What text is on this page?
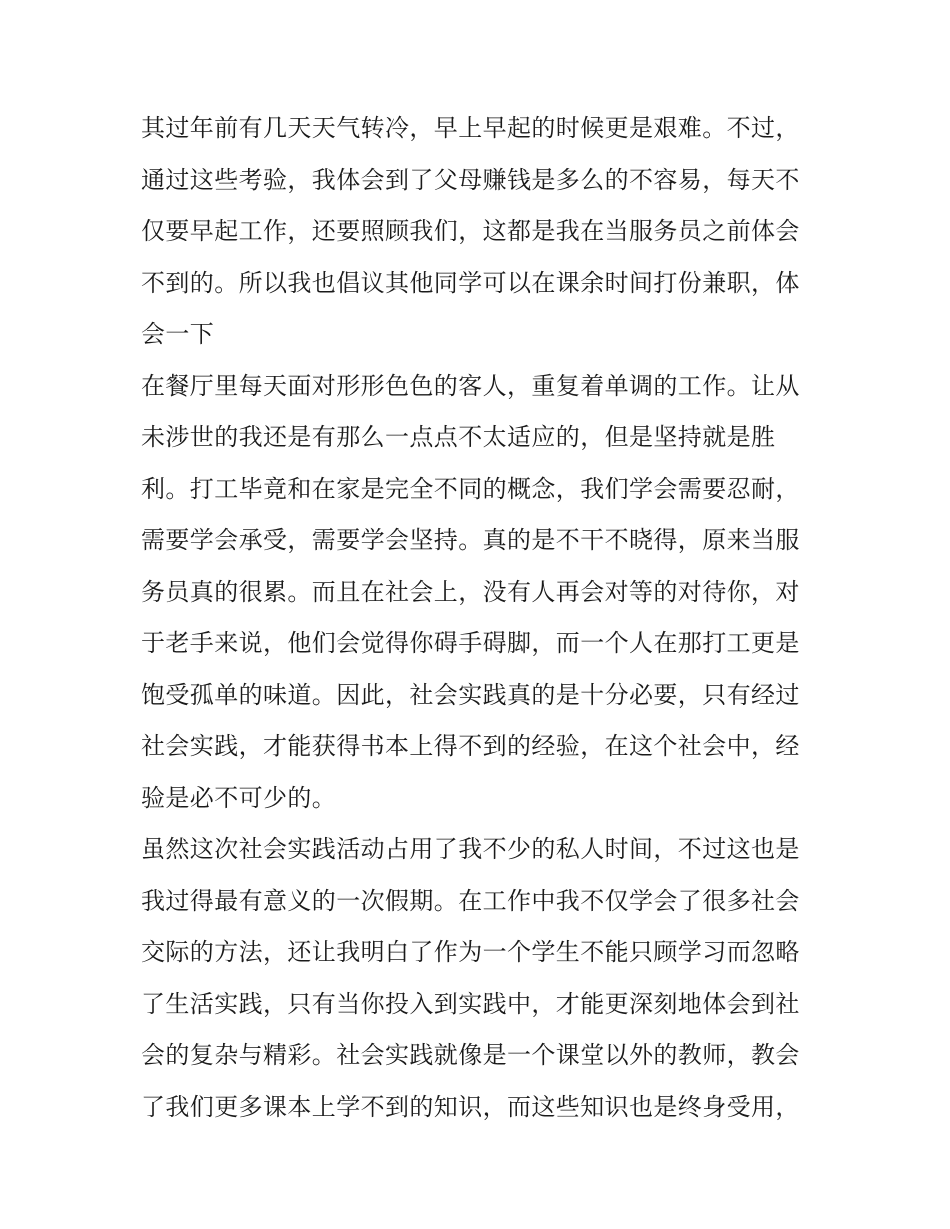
其过年前有几天天气转冷，早上早起的时候更是艰难。不过，
通过这些考验，我体会到了父母赚钱是多么的不容易，每天不
仅要早起工作，还要照顾我们，这都是我在当服务员之前体会
不到的。所以我也倡议其他同学可以在课余时间打份兼职，体
会一下
在餐厅里每天面对形形色色的客人，重复着单调的工作。让从
未涉世的我还是有那么一点点不太适应的，但是坚持就是胜
利。打工毕竟和在家是完全不同的概念，我们学会需要忍耐，
需要学会承受，需要学会坚持。真的是不干不晓得，原来当服
务员真的很累。而且在社会上，没有人再会对等的对待你，对
于老手来说，他们会觉得你碍手碍脚，而一个人在那打工更是
饱受孤单的味道。因此，社会实践真的是十分必要，只有经过
社会实践，才能获得书本上得不到的经验，在这个社会中，经
验是必不可少的。
虽然这次社会实践活动占用了我不少的私人时间，不过这也是
我过得最有意义的一次假期。在工作中我不仅学会了很多社会
交际的方法，还让我明白了作为一个学生不能只顾学习而忽略
了生活实践，只有当你投入到实践中，才能更深刻地体会到社
会的复杂与精彩。社会实践就像是一个课堂以外的教师，教会
了我们更多课本上学不到的知识，而这些知识也是终身受用，
